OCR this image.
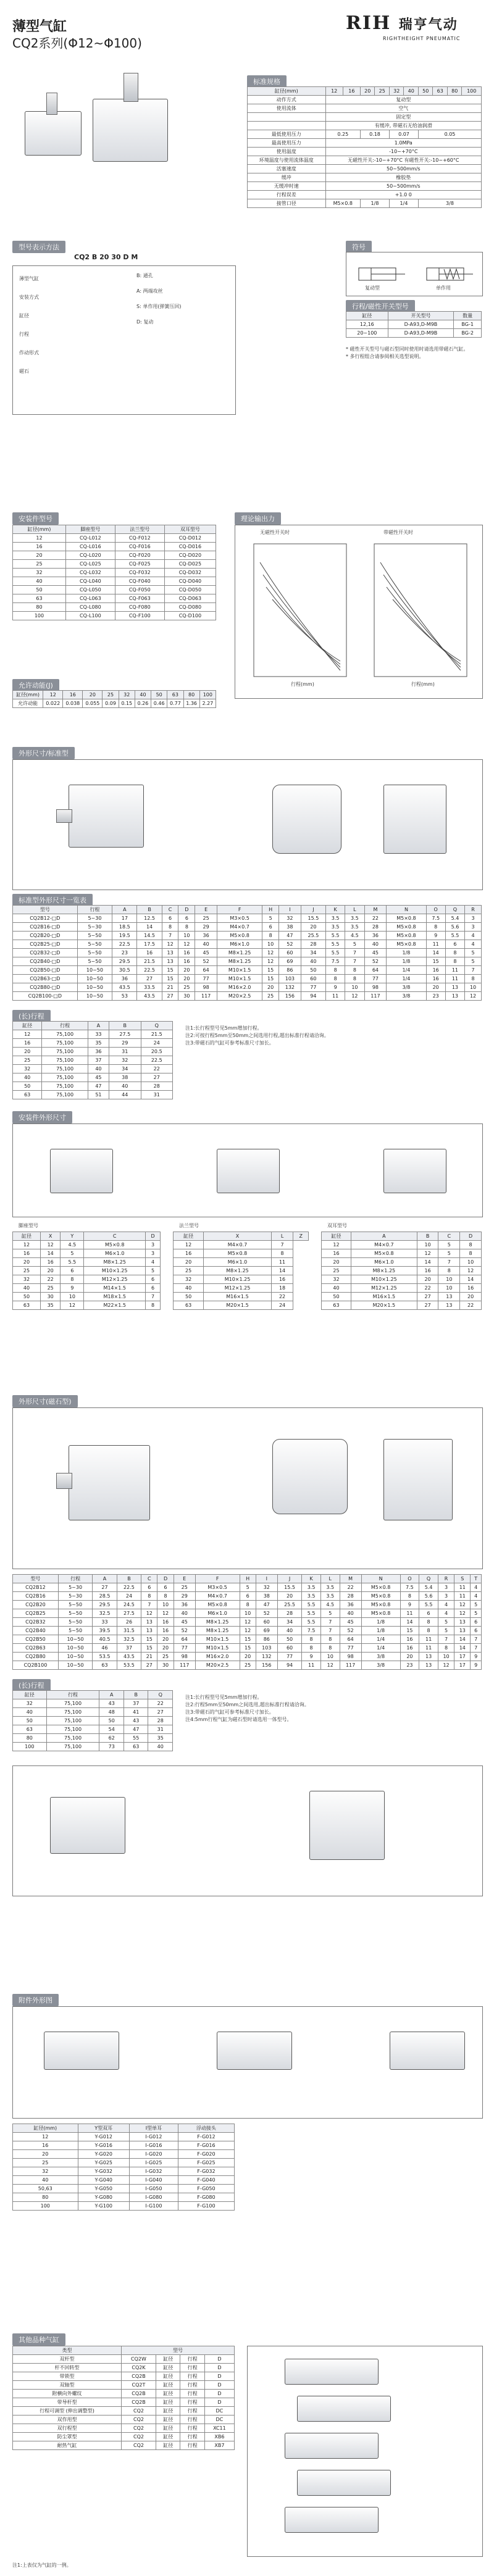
薄型气缸
CQ2系列(Φ12~Φ100)
RIH 瑞亨气动
RIGHTHEIGHT PNEUMATIC
标准规格
缸径(mm)	12	16	20	25	32	40	50	63	80	100
动作方式	复动型									
使用流体	空气									
	固定型									
	有缓冲, 带磁石无给油润滑									
最低使用压力	0.25		0.18		0.07		0.05			
最高使用压力	1.0MPa									
使用温度	-10~+70°C									
环境温度与使用流体温度	无磁性开关:-10~+70°C 有磁性开关:-10~+60°C									
活塞速度	50~500mm/s									
缓冲	橡胶垫									
无缓冲时速	50~500mm/s									
行程误差	+1.0 0									
接管口径	M5×0.8		1/8		1/4		3/8			
型号表示方法
CQ2 B 20 30 D M
薄型气缸
安装方式
缸径
行程
作动形式
磁石
B: 通孔
A: 两端攻丝
S: 单作用(弹簧压回)
D: 复动
符号
复动型	单作用
行程/磁性开关型号
缸径	开关型号	数量
12,16	D-A93,D-M9B	BG-1
20~100	D-A93,D-M9B	BG-2
* 磁性开关型号与磁石型同时使用时请选用带磁石气缸。
* 多行程组合请参阅相关选型说明。
安装件型号
缸径(mm)	脚座型号	法兰型号	双耳型号
12	CQ-L012	CQ-F012	CQ-D012
16	CQ-L016	CQ-F016	CQ-D016
20	CQ-L020	CQ-F020	CQ-D020
25	CQ-L025	CQ-F025	CQ-D025
32	CQ-L032	CQ-F032	CQ-D032
40	CQ-L040	CQ-F040	CQ-D040
50	CQ-L050	CQ-F050	CQ-D050
63	CQ-L063	CQ-F063	CQ-D063
80	CQ-L080	CQ-F080	CQ-D080
100	CQ-L100	CQ-F100	CQ-D100
理论输出力
无磁性开关时	带磁性开关时
行程(mm)	行程(mm)
允许动能(J)
缸径(mm)	12	16	20	25	32	40	50	63	80	100
允许动能	0.022	0.038	0.055	0.09	0.15	0.26	0.46	0.77	1.36	2.27
外形尺寸/标准型
标准型外形尺寸一览表
型号	行程	A	B	C	D	E	F	H	I	J	K	L	M	N	O	Q	R
CQ2B12-□D	5~30	17	12.5	6	6	25	M3×0.5	5	32	15.5	3.5	3.5	22	M5×0.8	7.5	5.4	3
CQ2B16-□D	5~30	18.5	14	8	8	29	M4×0.7	6	38	20	3.5	3.5	28	M5×0.8	8	5.6	3
CQ2B20-□D	5~50	19.5	14.5	7	10	36	M5×0.8	8	47	25.5	5.5	4.5	36	M5×0.8	9	5.5	4
CQ2B25-□D	5~50	22.5	17.5	12	12	40	M6×1.0	10	52	28	5.5	5	40	M5×0.8	11	6	4
CQ2B32-□D	5~50	23	16	13	16	45	M8×1.25	12	60	34	5.5	7	45	1/8	14	8	5
CQ2B40-□D	5~50	29.5	21.5	13	16	52	M8×1.25	12	69	40	7.5	7	52	1/8	15	8	5
CQ2B50-□D	10~50	30.5	22.5	15	20	64	M10×1.5	15	86	50	8	8	64	1/4	16	11	7
CQ2B63-□D	10~50	36	27	15	20	77	M10×1.5	15	103	60	8	8	77	1/4	16	11	8
CQ2B80-□D	10~50	43.5	33.5	21	25	98	M16×2.0	20	132	77	9	10	98	3/8	20	13	10
CQ2B100-□D	10~50	53	43.5	27	30	117	M20×2.5	25	156	94	11	12	117	3/8	23	13	12
(长)行程
缸径	行程	A	B	Q
12	75,100	33	27.5	21.5
16	75,100	35	29	24
20	75,100	36	31	20.5
25	75,100	37	32	22.5
32	75,100	40	34	22
40	75,100	45	38	27
50	75,100	47	40	28
63	75,100	51	44	31
注1:长行程型号见5mm增加行程。
注2:可按行程5mm至50mm之间选用行程,超出标准行程请洽询。
注3:带磁石的气缸可参考标准尺寸加长。
安装件外形尺寸
脚座型号
缸径	X	Y	C	D
12	12	4.5	M5×0.8	3
16	14	5	M6×1.0	3
20	16	5.5	M8×1.25	4
25	20	6	M10×1.25	5
32	22	8	M12×1.25	6
40	25	9	M14×1.5	6
50	30	10	M18×1.5	7
63	35	12	M22×1.5	8
法兰型号
缸径	X	L	Z
12	M4×0.7	7	
16	M5×0.8	8	
20	M6×1.0	11	
25	M8×1.25	14	
32	M10×1.25	16	
40	M12×1.25	18	
50	M16×1.5	22	
63	M20×1.5	24	
双耳型号
缸径	A	B	C	D
12	M4×0.7	10	5	8
16	M5×0.8	12	5	8
20	M6×1.0	14	7	10
25	M8×1.25	16	8	12
32	M10×1.25	20	10	14
40	M12×1.25	22	10	16
50	M16×1.5	27	13	20
63	M20×1.5	27	13	22
外形尺寸(磁石型)
型号	行程	A	B	C	D	E	F	H	I	J	K	L	M	N	O	Q	R	S	T
CQ2B12	5~30	27	22.5	6	6	25	M3×0.5	5	32	15.5	3.5	3.5	22	M5×0.8	7.5	5.4	3	11	4
CQ2B16	5~30	28.5	24	8	8	29	M4×0.7	6	38	20	3.5	3.5	28	M5×0.8	8	5.6	3	11	4
CQ2B20	5~50	29.5	24.5	7	10	36	M5×0.8	8	47	25.5	5.5	4.5	36	M5×0.8	9	5.5	4	12	5
CQ2B25	5~50	32.5	27.5	12	12	40	M6×1.0	10	52	28	5.5	5	40	M5×0.8	11	6	4	12	5
CQ2B32	5~50	33	26	13	16	45	M8×1.25	12	60	34	5.5	7	45	1/8	14	8	5	13	6
CQ2B40	5~50	39.5	31.5	13	16	52	M8×1.25	12	69	40	7.5	7	52	1/8	15	8	5	13	6
CQ2B50	10~50	40.5	32.5	15	20	64	M10×1.5	15	86	50	8	8	64	1/4	16	11	7	14	7
CQ2B63	10~50	46	37	15	20	77	M10×1.5	15	103	60	8	8	77	1/4	16	11	8	14	7
CQ2B80	10~50	53.5	43.5	21	25	98	M16×2.0	20	132	77	9	10	98	3/8	20	13	10	17	9
CQ2B100	10~50	63	53.5	27	30	117	M20×2.5	25	156	94	11	12	117	3/8	23	13	12	17	9
(长)行程
缸径	行程	A	B	Q
32	75,100	43	37	22
40	75,100	48	41	27
50	75,100	50	43	28
63	75,100	54	47	31
80	75,100	62	55	35
100	75,100	73	63	40
注1:长行程型号见5mm增加行程。
注2:行程5mm至50mm之间选用,超出标准行程请洽询。
注3:带磁石的气缸可参考标准尺寸加长。
注4:5mm行程气缸为磁石型时请选用一体型号。
附件外形图
缸径(mm)	Y型双耳	I型单耳	浮动接头
12	Y-G012	I-G012	F-G012
16	Y-G016	I-G016	F-G016
20	Y-G020	I-G020	F-G020
25	Y-G025	I-G025	F-G025
32	Y-G032	I-G032	F-G032
40	Y-G040	I-G040	F-G040
50,63	Y-G050	I-G050	F-G050
80	Y-G080	I-G080	F-G080
100	Y-G100	I-G100	F-G100
其他品种气缸
类型	型号			
双杆型	CQ2W	缸径	行程	D
杆不回转型	CQ2K	缸径	行程	D
带锁型	CQ2B	缸径	行程	D
双轴型	CQ2T	缸径	行程	D
附横向外螺纹	CQ2B	缸径	行程	D
带导杆型	CQ2B	缸径	行程	D
行程可调型 (伸出调整型)	CQ2	缸径	行程	DC
双作用型	CQ2	缸径	行程	DC
双行程型	CQ2	缸径	行程	XC11
防尘罩型	CQ2	缸径	行程	XB6
耐热气缸	CQ2	缸径	行程	XB7
注1:上表仅为气缸的一例。
